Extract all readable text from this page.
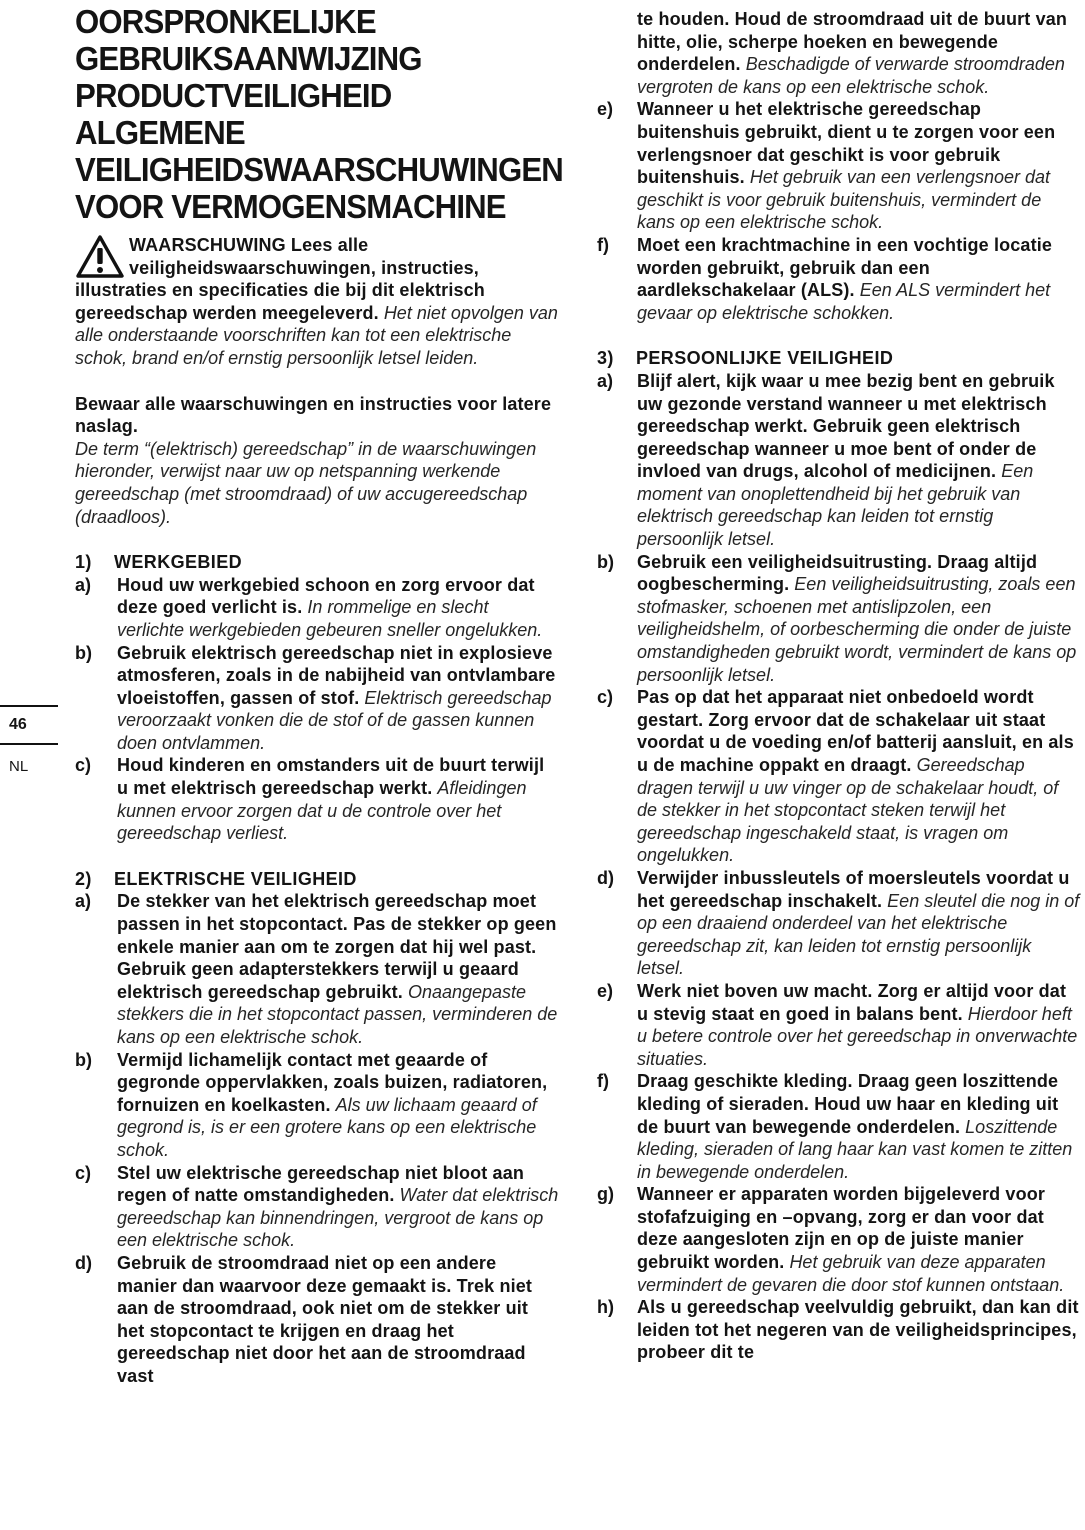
OORSPRONKELIJKE
GEBRUIKSAANWIJZING
PRODUCTVEILIGHEID
ALGEMENE
VEILIGHEIDSWAARSCHUWINGEN
VOOR VERMOGENSMACHINE

WAARSCHUWING Lees alle veiligheidswaarschuwingen, instructies, illustraties en specificaties die bij dit elektrisch gereedschap werden meegeleverd. Het niet opvolgen van alle onderstaande voorschriften kan tot een elektrische schok, brand en/of ernstig persoonlijk letsel leiden.

Bewaar alle waarschuwingen en instructies voor latere naslag.
De term “(elektrisch) gereedschap” in de waarschuwingen hieronder, verwijst naar uw op netspanning werkende gereedschap (met stroomdraad) of uw accugereedschap (draadloos).

1) WERKGEBIED

a)	Houd uw werkgebied schoon en zorg ervoor dat deze goed verlicht is. In rommelige en slecht verlichte werkgebieden gebeuren sneller ongelukken.

b)	Gebruik elektrisch gereedschap niet in explosieve atmosferen, zoals in de nabijheid van ontvlambare vloeistoffen, gassen of stof. Elektrisch gereedschap veroorzaakt vonken die de stof of de gassen kunnen doen ontvlammen.

c)	Houd kinderen en omstanders uit de buurt terwijl u met elektrisch gereedschap werkt. Afleidingen kunnen ervoor zorgen dat u de controle over het gereedschap verliest.

2) ELEKTRISCHE VEILIGHEID

a)	De stekker van het elektrisch gereedschap moet passen in het stopcontact. Pas de stekker op geen enkele manier aan om te zorgen dat hij wel past. Gebruik geen adapterstekkers terwijl u geaard elektrisch gereedschap gebruikt. Onaangepaste stekkers die in het stopcontact passen, verminderen de kans op een elektrische schok.

b)	Vermijd lichamelijk contact met geaarde of gegronde oppervlakken, zoals buizen, radiatoren, fornuizen en koelkasten. Als uw lichaam geaard of gegrond is, is er een grotere kans op een elektrische schok.

c)	Stel uw elektrische gereedschap niet bloot aan regen of natte omstandigheden. Water dat elektrisch gereedschap kan binnendringen, vergroot de kans op een elektrische schok.

d)	Gebruik de stroomdraad niet op een andere manier dan waarvoor deze gemaakt is. Trek niet aan de stroomdraad, ook niet om de stekker uit het stopcontact te krijgen en draag het gereedschap niet door het aan de stroomdraad vast

te houden. Houd de stroomdraad uit de buurt van hitte, olie, scherpe hoeken en bewegende onderdelen. Beschadigde of verwarde stroomdraden vergroten de kans op een elektrische schok.

e)	Wanneer u het elektrische gereedschap buitenshuis gebruikt, dient u te zorgen voor een verlengsnoer dat geschikt is voor gebruik buitenshuis. Het gebruik van een verlengsnoer dat geschikt is voor gebruik buitenshuis, vermindert de kans op een elektrische schok.

f)	Moet een krachtmachine in een vochtige locatie worden gebruikt, gebruik dan een aardlekschakelaar (ALS). Een ALS vermindert het gevaar op elektrische schokken.

3) PERSOONLIJKE VEILIGHEID

a)	Blijf alert, kijk waar u mee bezig bent en gebruik uw gezonde verstand wanneer u met elektrisch gereedschap werkt. Gebruik geen elektrisch gereedschap wanneer u moe bent of onder de invloed van drugs, alcohol of medicijnen. Een moment van onoplettendheid bij het gebruik van elektrisch gereedschap kan leiden tot ernstig persoonlijk letsel.

b)	Gebruik een veiligheidsuitrusting. Draag altijd oogbescherming. Een veiligheidsuitrusting, zoals een stofmasker, schoenen met antislipzolen, een veiligheidshelm, of oorbescherming die onder de juiste omstandigheden gebruikt wordt, vermindert de kans op persoonlijk letsel.

c)	Pas op dat het apparaat niet onbedoeld wordt gestart. Zorg ervoor dat de schakelaar uit staat voordat u de voeding en/of batterij aansluit, en als u de machine oppakt en draagt. Gereedschap dragen terwijl u uw vinger op de schakelaar houdt, of de stekker in het stopcontact steken terwijl het gereedschap ingeschakeld staat, is vragen om ongelukken.

d)	Verwijder inbussleutels of moersleutels voordat u het gereedschap inschakelt. Een sleutel die nog in of op een draaiend onderdeel van het elektrische gereedschap zit, kan leiden tot ernstig persoonlijk letsel.

e)	Werk niet boven uw macht. Zorg er altijd voor dat u stevig staat en goed in balans bent. Hierdoor heft u betere controle over het gereedschap in onverwachte situaties.

f)	Draag geschikte kleding. Draag geen loszittende kleding of sieraden. Houd uw haar en kleding uit de buurt van bewegende onderdelen. Loszittende kleding, sieraden of lang haar kan vast komen te zitten in bewegende onderdelen.

g)	Wanneer er apparaten worden bijgeleverd voor stofafzuiging en –opvang, zorg er dan voor dat deze aangesloten zijn en op de juiste manier gebruikt worden. Het gebruik van deze apparaten vermindert de gevaren die door stof kunnen ontstaan.

h)	Als u gereedschap veelvuldig gebruikt, dan kan dit leiden tot het negeren van de veiligheidsprincipes, probeer dit te

46
NL
